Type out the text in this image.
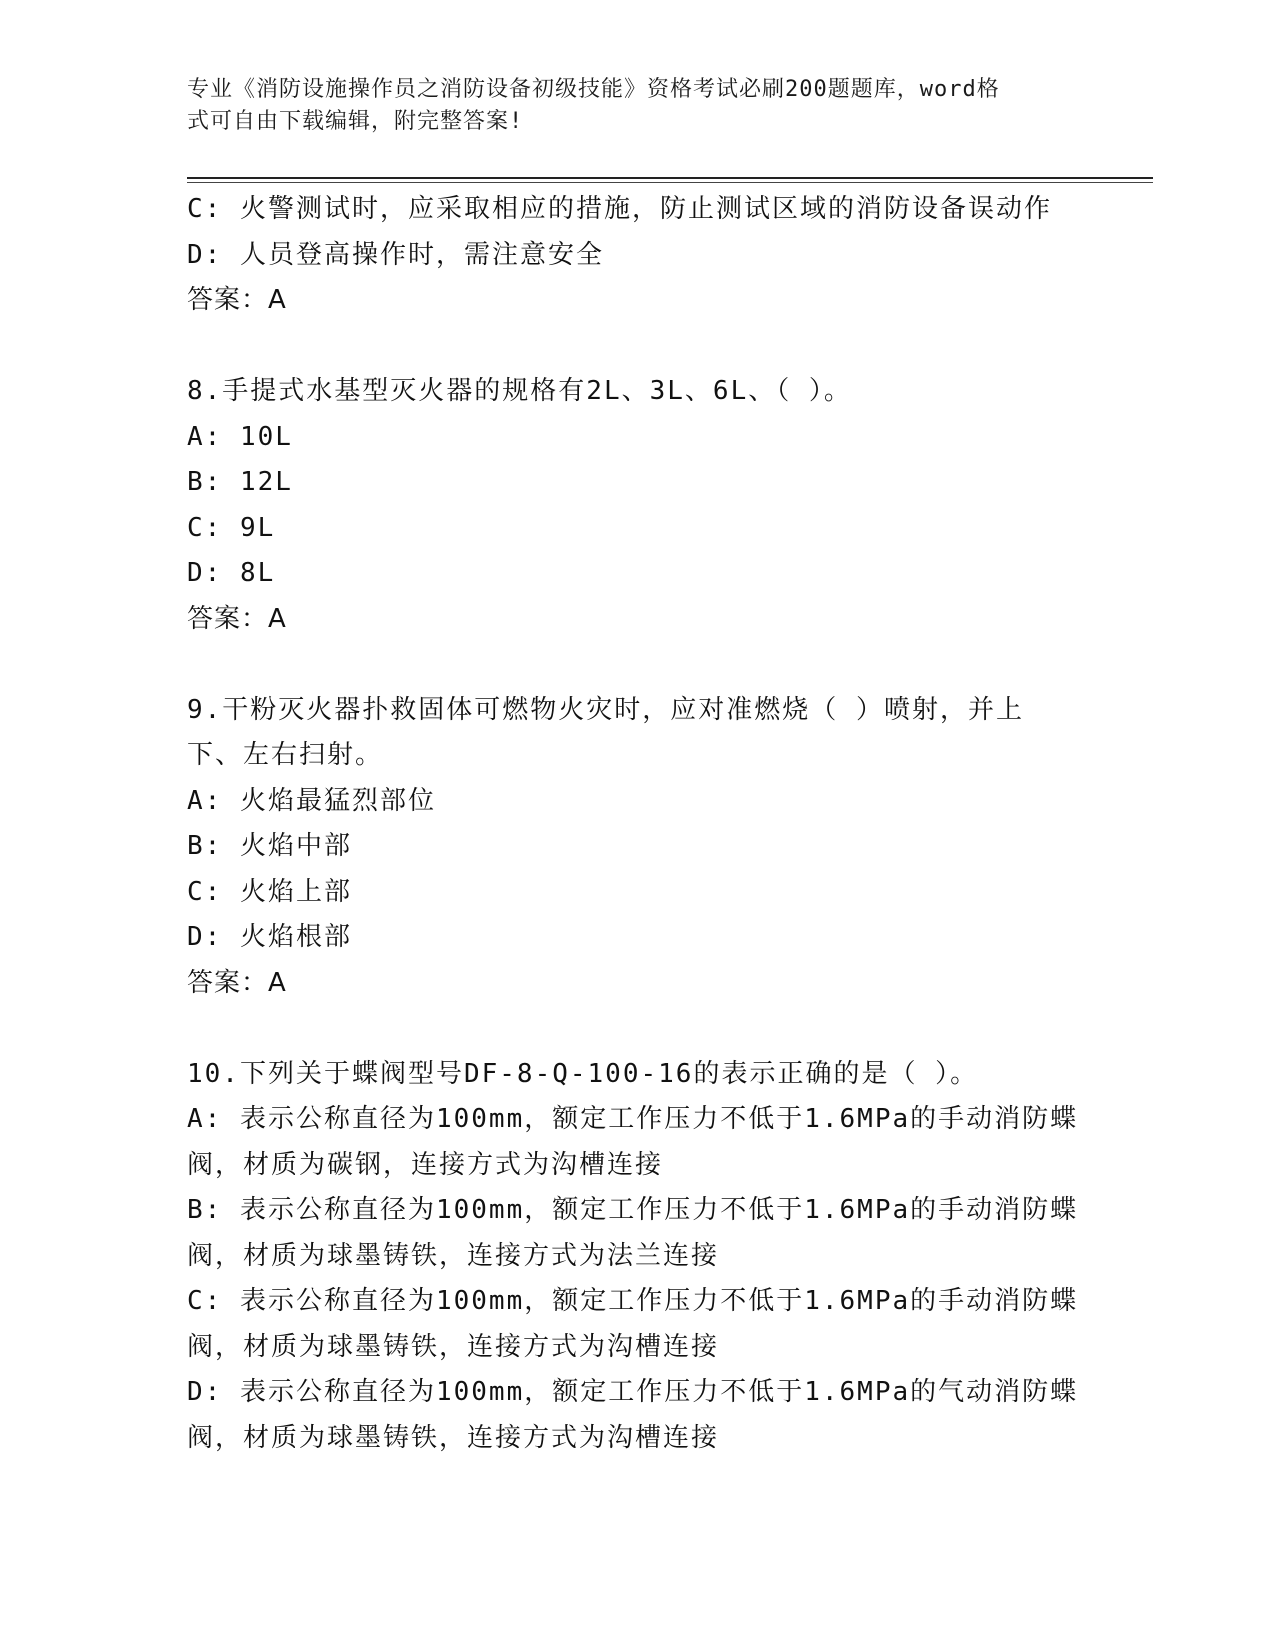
专业《消防设施操作员之消防设备初级技能》资格考试必刷200题题库，word格
式可自由下载编辑，附完整答案!
C: 火警测试时，应采取相应的措施，防止测试区域的消防设备误动作
D: 人员登高操作时，需注意安全
答案：A
8.手提式水基型灭火器的规格有2L、3L、6L、（ ）。
A: 10L
B: 12L
C: 9L
D: 8L
答案：A
9.干粉灭火器扑救固体可燃物火灾时，应对准燃烧（ ）喷射，并上
下、左右扫射。
A: 火焰最猛烈部位
B: 火焰中部
C: 火焰上部
D: 火焰根部
答案：A
10.下列关于蝶阀型号DF-8-Q-100-16的表示正确的是（ ）。
A: 表示公称直径为100mm，额定工作压力不低于1.6MPa的手动消防蝶
阀，材质为碳钢，连接方式为沟槽连接
B: 表示公称直径为100mm，额定工作压力不低于1.6MPa的手动消防蝶
阀，材质为球墨铸铁，连接方式为法兰连接
C: 表示公称直径为100mm，额定工作压力不低于1.6MPa的手动消防蝶
阀，材质为球墨铸铁，连接方式为沟槽连接
D: 表示公称直径为100mm，额定工作压力不低于1.6MPa的气动消防蝶
阀，材质为球墨铸铁，连接方式为沟槽连接
